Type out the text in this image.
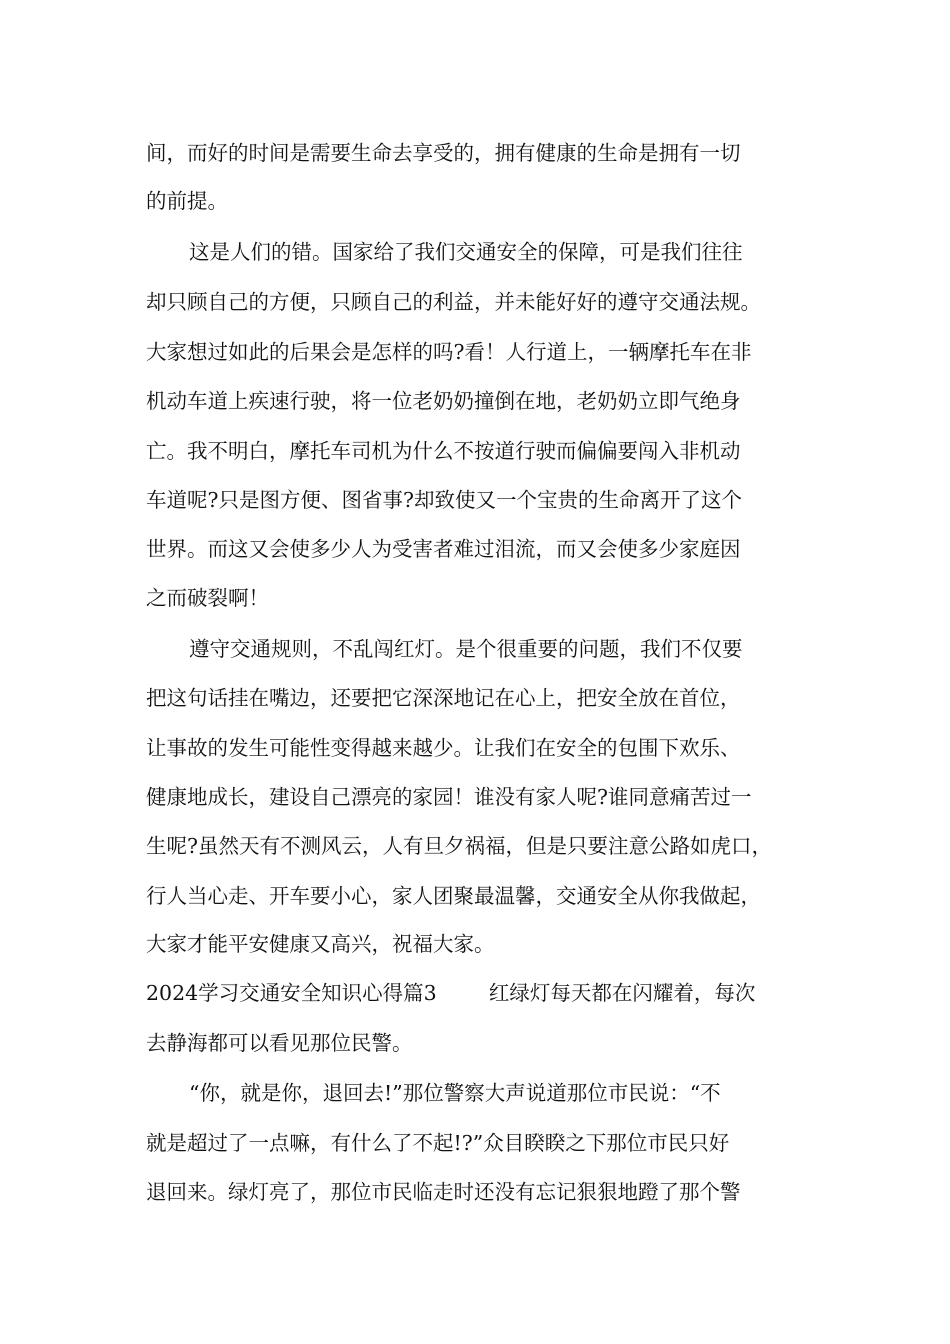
间，而好的时间是需要生命去享受的，拥有健康的生命是拥有一切
的前提。
这是人们的错。国家给了我们交通安全的保障，可是我们往往
却只顾自己的方便，只顾自己的利益，并未能好好的遵守交通法规。
大家想过如此的后果会是怎样的吗?看！人行道上，一辆摩托车在非
机动车道上疾速行驶，将一位老奶奶撞倒在地，老奶奶立即气绝身
亡。我不明白，摩托车司机为什么不按道行驶而偏偏要闯入非机动
车道呢?只是图方便、图省事?却致使又一个宝贵的生命离开了这个
世界。而这又会使多少人为受害者难过泪流，而又会使多少家庭因
之而破裂啊！
遵守交通规则，不乱闯红灯。是个很重要的问题，我们不仅要
把这句话挂在嘴边，还要把它深深地记在心上，把安全放在首位，
让事故的发生可能性变得越来越少。让我们在安全的包围下欢乐、
健康地成长，建设自己漂亮的家园！谁没有家人呢?谁同意痛苦过一
生呢?虽然天有不测风云，人有旦夕祸福，但是只要注意公路如虎口，
行人当心走、开车要小心，家人团聚最温馨，交通安全从你我做起，
大家才能平安健康又高兴，祝福大家。
2024学习交通安全知识心得篇3        红绿灯每天都在闪耀着，每次
去静海都可以看见那位民警。
“你，就是你，退回去!”那位警察大声说道那位市民说：“不
就是超过了一点嘛，有什么了不起!?”众目睽睽之下那位市民只好
退回来。绿灯亮了，那位市民临走时还没有忘记狠狠地蹬了那个警
